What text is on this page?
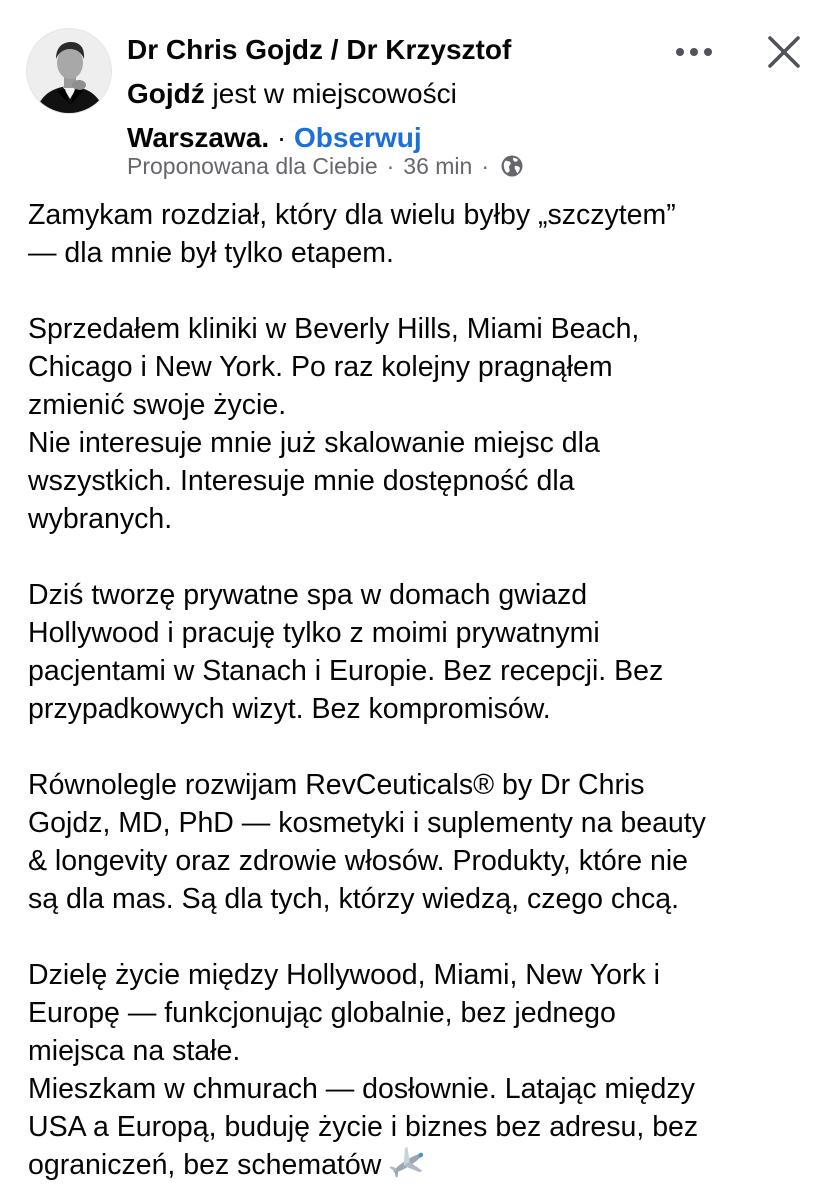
Dr Chris Gojdz / Dr Krzysztof
Gojdź jest w miejscowości
Warszawa. · Obserwuj
Proponowana dla Ciebie · 36 min ·

Zamykam rozdział, który dla wielu byłby „szczytem”
— dla mnie był tylko etapem.

Sprzedałem kliniki w Beverly Hills, Miami Beach,
Chicago i New York. Po raz kolejny pragnąłem
zmienić swoje życie.
Nie interesuje mnie już skalowanie miejsc dla
wszystkich. Interesuje mnie dostępność dla
wybranych.

Dziś tworzę prywatne spa w domach gwiazd
Hollywood i pracuję tylko z moimi prywatnymi
pacjentami w Stanach i Europie. Bez recepcji. Bez
przypadkowych wizyt. Bez kompromisów.

Równolegle rozwijam RevCeuticals® by Dr Chris
Gojdz, MD, PhD — kosmetyki i suplementy na beauty
& longevity oraz zdrowie włosów. Produkty, które nie
są dla mas. Są dla tych, którzy wiedzą, czego chcą.

Dzielę życie między Hollywood, Miami, New York i
Europę — funkcjonując globalnie, bez jednego
miejsca na stałe.
Mieszkam w chmurach — dosłownie. Latając między
USA a Europą, buduję życie i biznes bez adresu, bez
ograniczeń, bez schematów
